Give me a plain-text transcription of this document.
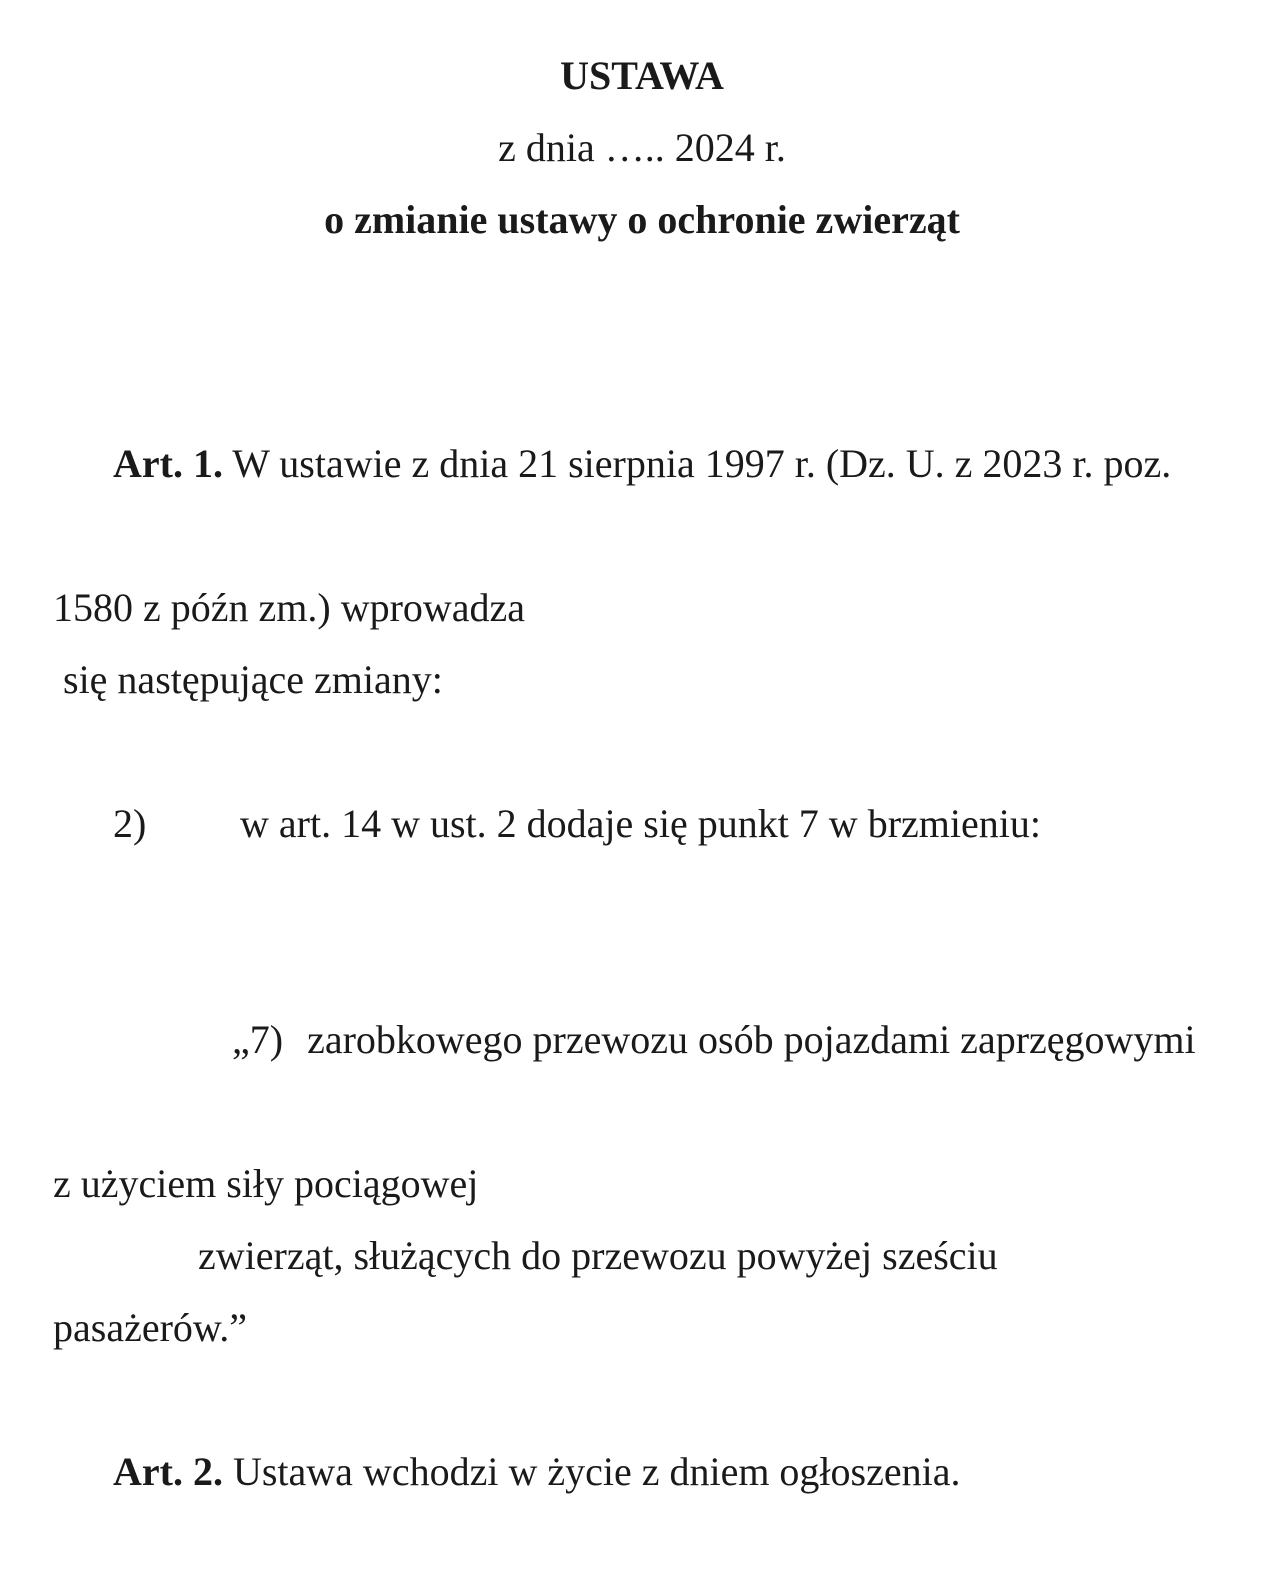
USTAWA
z dnia ….. 2024 r.
o zmianie ustawy o ochronie zwierząt

Art. 1. W ustawie z dnia 21 sierpnia 1997 r. (Dz. U. z 2023 r. poz.

1580 z późn zm.) wprowadza
się następujące zmiany:

2) w art. 14 w ust. 2 dodaje się punkt 7 w brzmieniu:

„7) zarobkowego przewozu osób pojazdami zaprzęgowymi

z użyciem siły pociągowej
zwierząt, służących do przewozu powyżej sześciu
pasażerów.”

Art. 2. Ustawa wchodzi w życie z dniem ogłoszenia.
